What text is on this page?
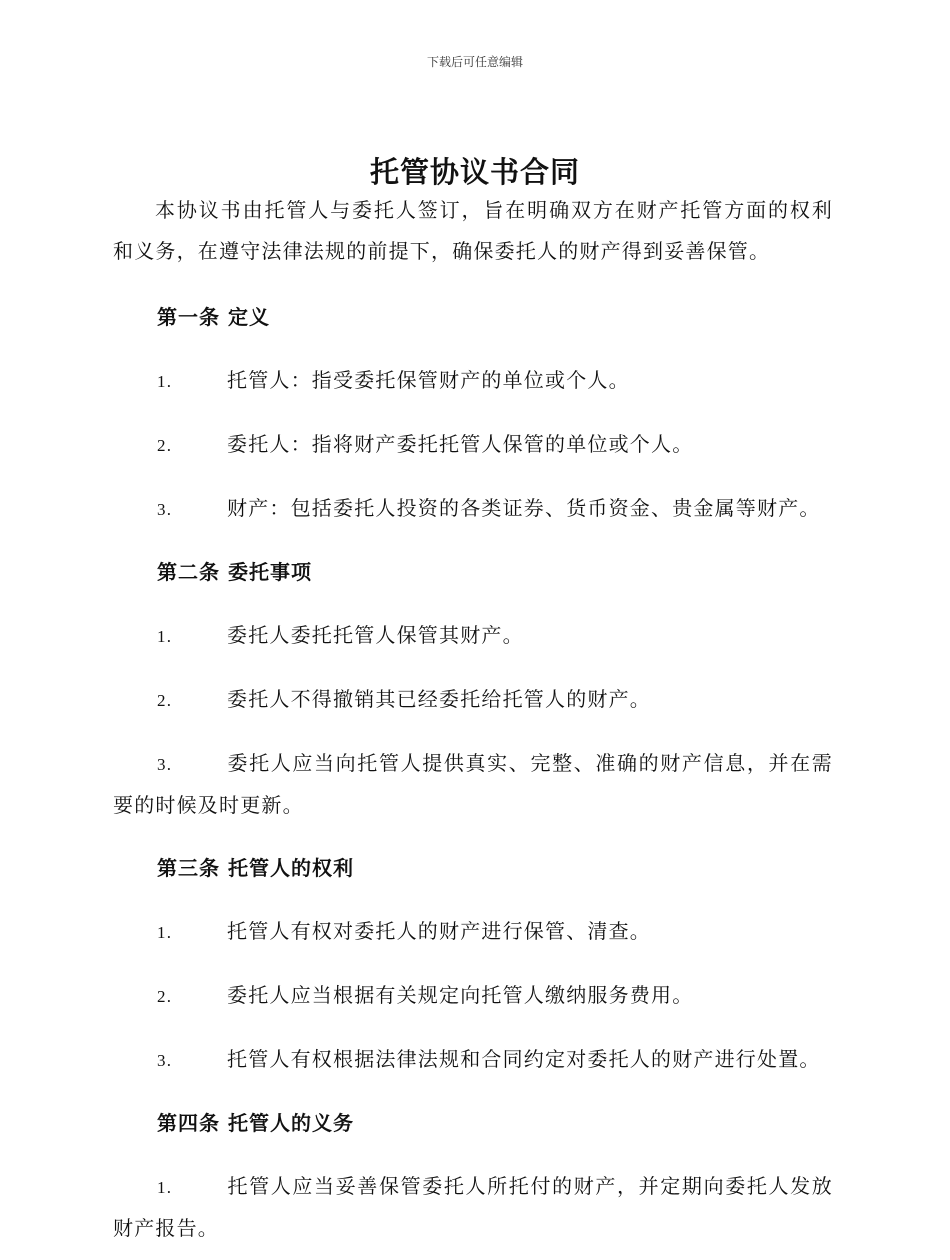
下载后可任意编辑
托管协议书合同

本协议书由托管人与委托人签订，旨在明确双方在财产托管方面的权利和义务，在遵守法律法规的前提下，确保委托人的财产得到妥善保管。

第一条 定义

1.	托管人：指受委托保管财产的单位或个人。

2.	委托人：指将财产委托托管人保管的单位或个人。

3.	财产：包括委托人投资的各类证券、货币资金、贵金属等财产。

第二条 委托事项

1.	委托人委托托管人保管其财产。

2.	委托人不得撤销其已经委托给托管人的财产。

3.	委托人应当向托管人提供真实、完整、准确的财产信息，并在需要的时候及时更新。

第三条 托管人的权利

1.	托管人有权对委托人的财产进行保管、清查。

2.	委托人应当根据有关规定向托管人缴纳服务费用。

3.	托管人有权根据法律法规和合同约定对委托人的财产进行处置。

第四条 托管人的义务

1.	托管人应当妥善保管委托人所托付的财产，并定期向委托人发放财产报告。
